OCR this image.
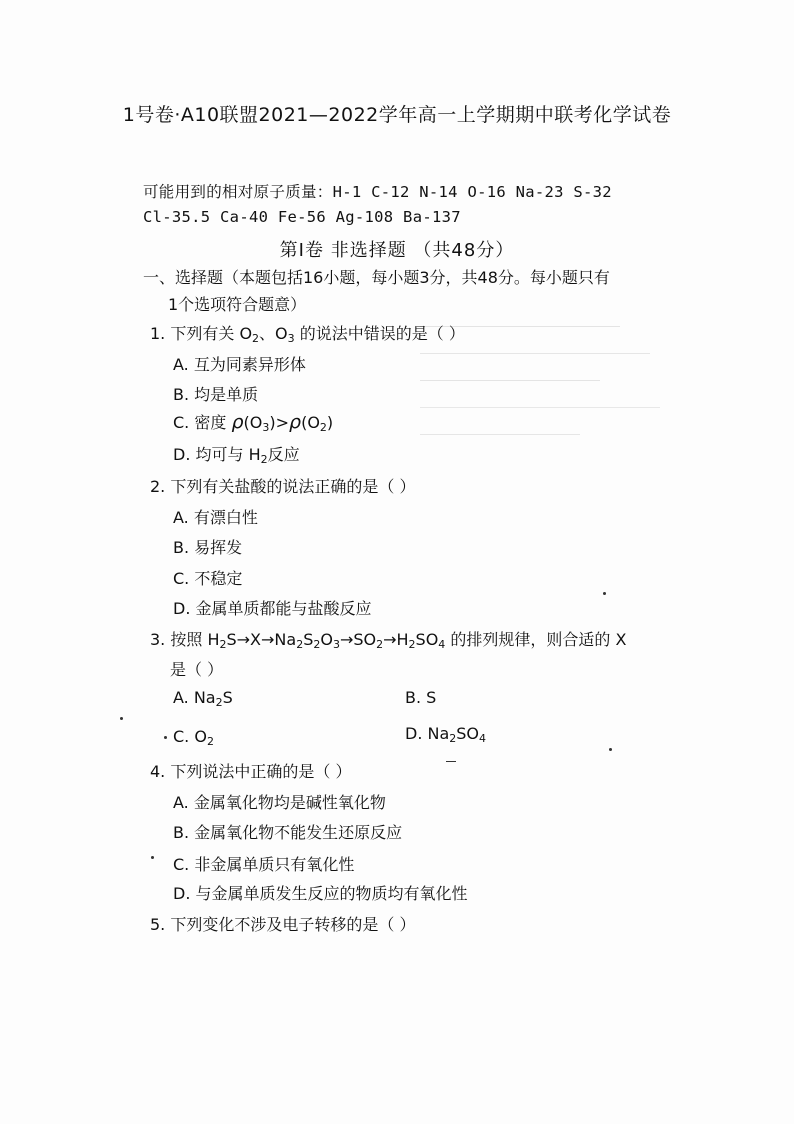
1号卷·A10联盟2021—2022学年高一上学期期中联考化学试卷
可能用到的相对原子质量：H-1 C-12 N-14 O-16 Na-23 S-32
Cl-35.5 Ca-40 Fe-56 Ag-108 Ba-137
第Ⅰ卷 非选择题 （共48分）
一、选择题（本题包括16小题，每小题3分，共48分。每小题只有
1个选项符合题意）
1. 下列有关 $O_2$、$O_3$ 的说法中错误的是（ ）
A. 互为同素异形体
B. 均是单质
C. 密度 $\rho(O_3)>\rho(O_2)$
D. 均可与 $H_2$反应
2. 下列有关盐酸的说法正确的是（ ）
A. 有漂白性
B. 易挥发
C. 不稳定
D. 金属单质都能与盐酸反应
3. 按照 $H_2S\to X\to Na_2S_2O_3\to SO_2\to H_2SO_4$ 的排列规律，则合适的 X
是（ ）
A. $Na_2S$	B. S
C. $O_2$	D. $Na_2SO_4$
4. 下列说法中正确的是（ ）
A. 金属氧化物均是碱性氧化物
B. 金属氧化物不能发生还原反应
C. 非金属单质只有氧化性
D. 与金属单质发生反应的物质均有氧化性
5. 下列变化不涉及电子转移的是（ ）
